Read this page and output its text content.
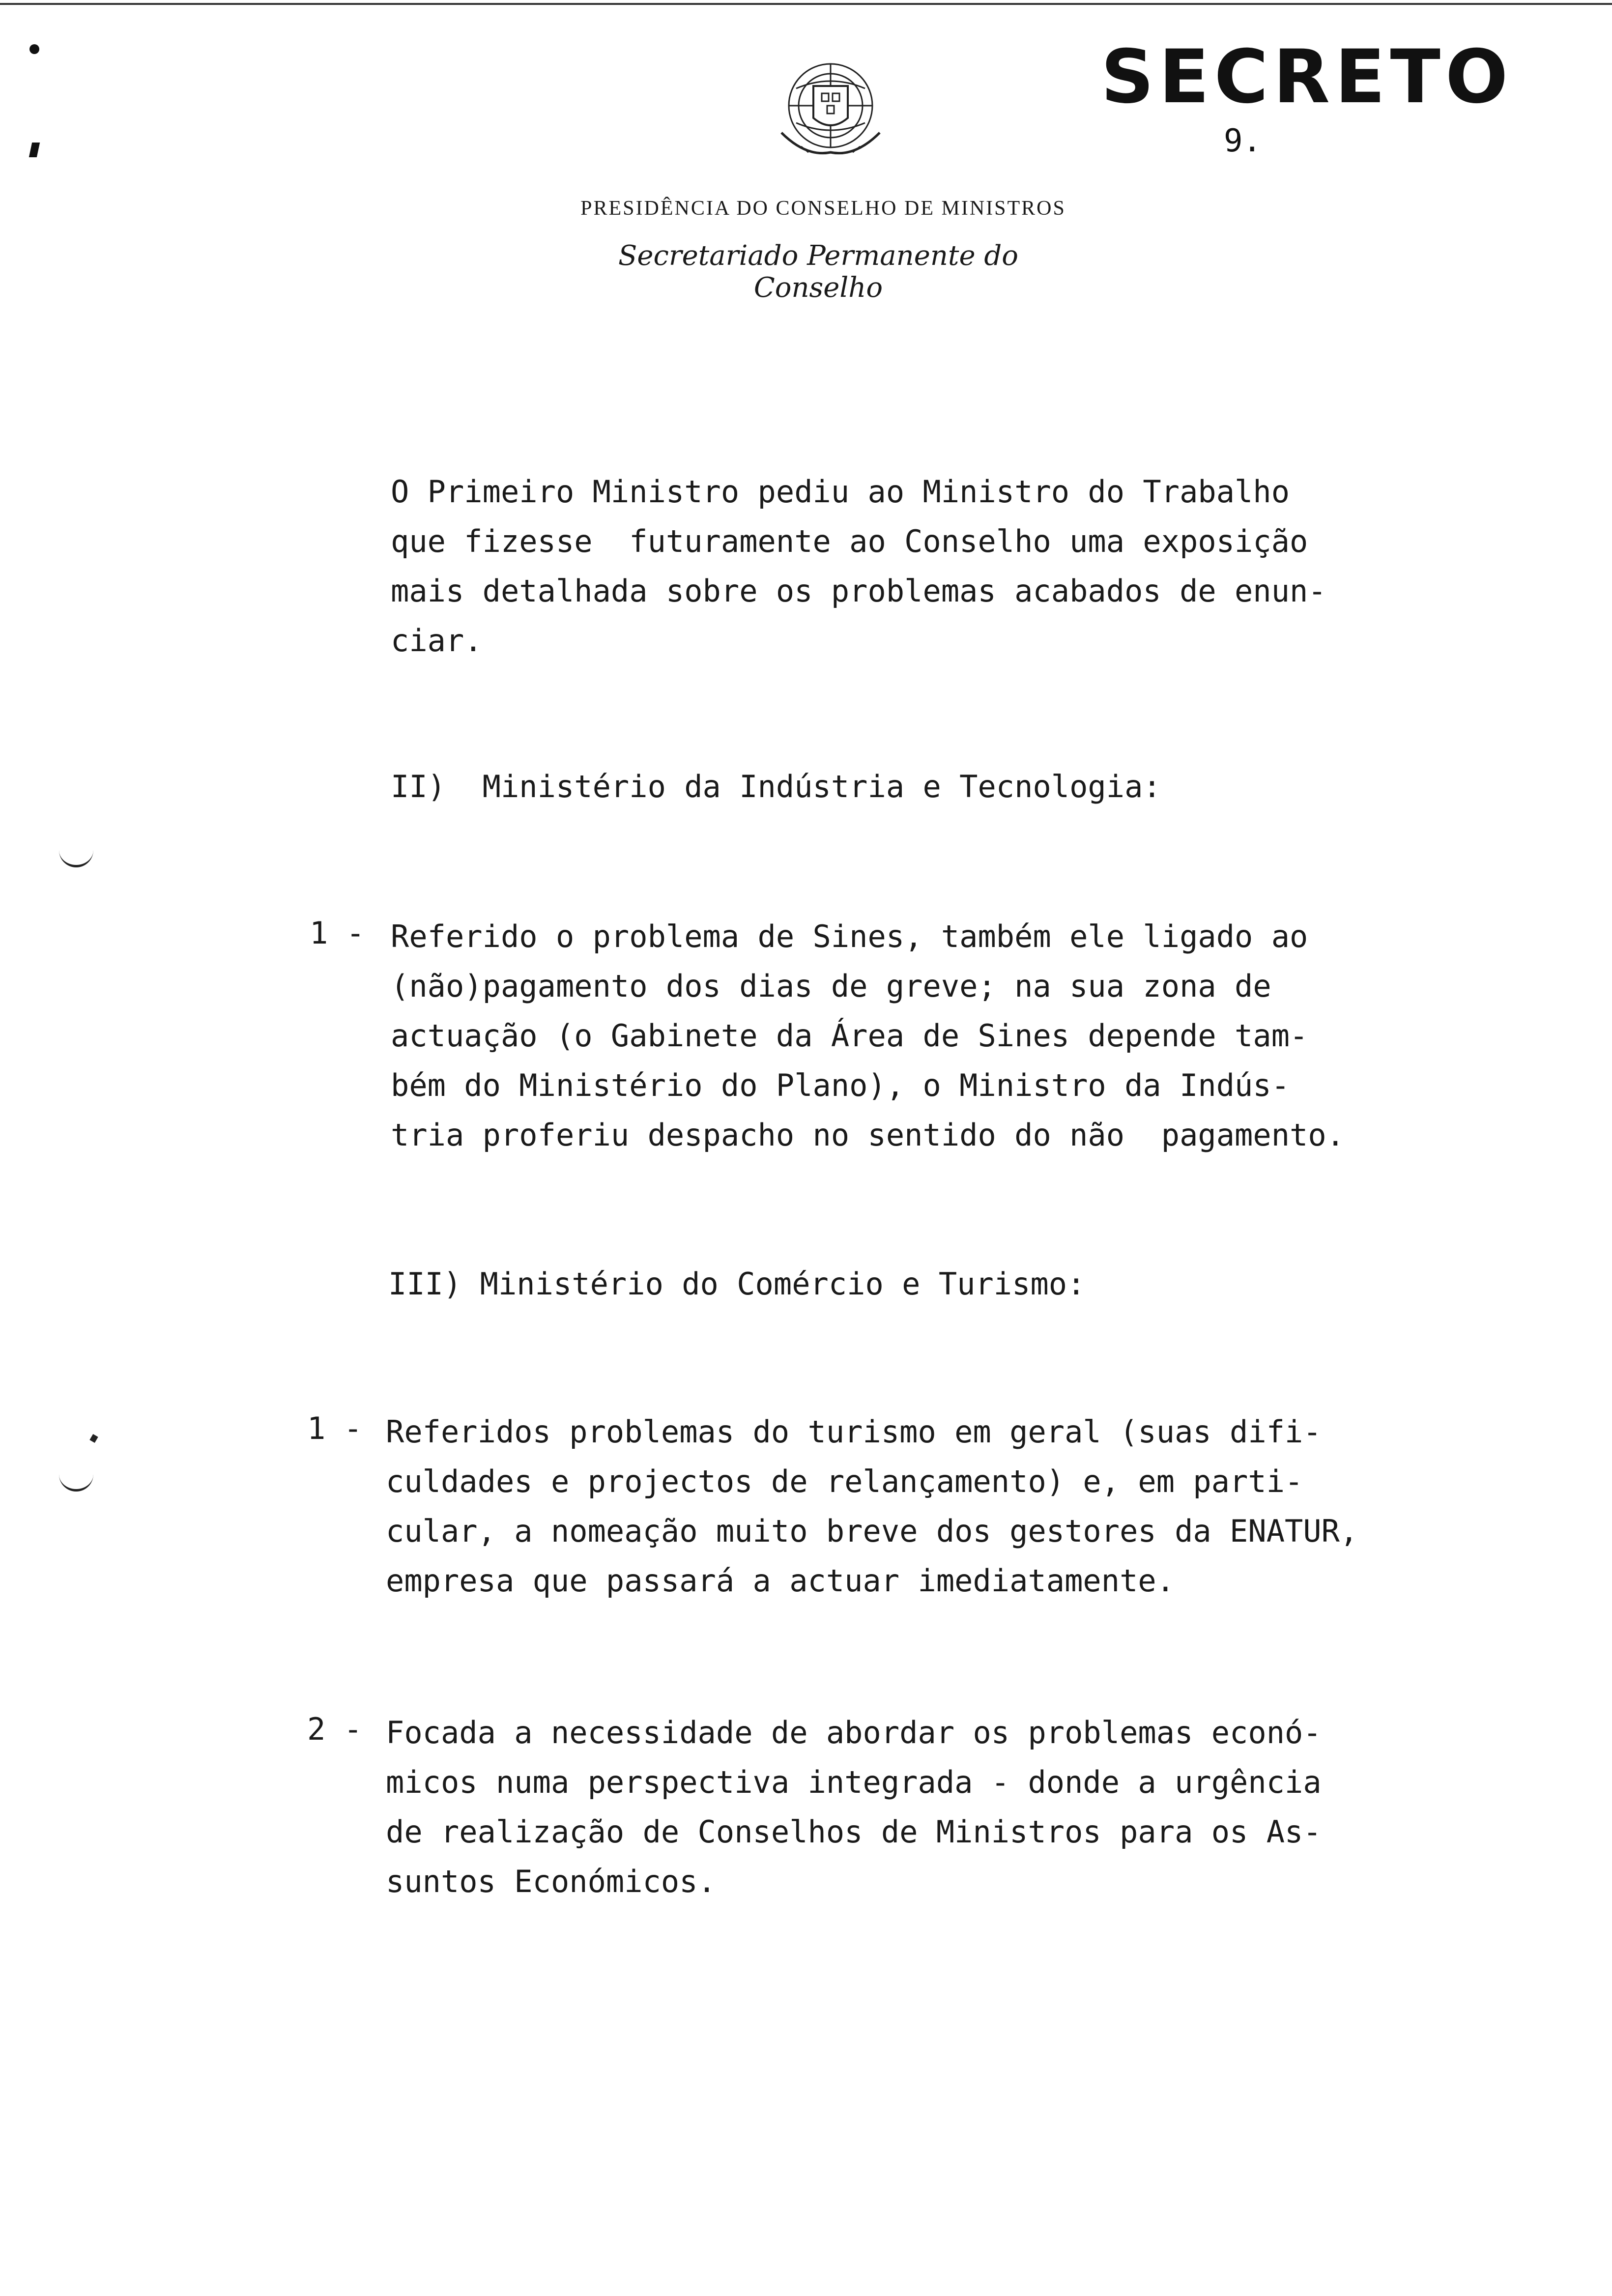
SECRETO
9.
PRESIDÊNCIA DO CONSELHO DE MINISTROS
Secretariado Permanente do Conselho
O Primeiro Ministro pediu ao Ministro do Trabalho
que fizesse  futuramente ao Conselho uma exposição
mais detalhada sobre os problemas acabados de enun-
ciar.
II)  Ministério da Indústria e Tecnologia:
1 - Referido o problema de Sines, também ele ligado ao
(não)pagamento dos dias de greve; na sua zona de
actuação (o Gabinete da Área de Sines depende tam-
bém do Ministério do Plano), o Ministro da Indús-
tria proferiu despacho no sentido do não  pagamento.
III) Ministério do Comércio e Turismo:
1 - Referidos problemas do turismo em geral (suas difi-
culdades e projectos de relançamento) e, em parti-
cular, a nomeação muito breve dos gestores da ENATUR,
empresa que passará a actuar imediatamente.
2 - Focada a necessidade de abordar os problemas econó-
micos numa perspectiva integrada - donde a urgência
de realização de Conselhos de Ministros para os As-
suntos Económicos.
